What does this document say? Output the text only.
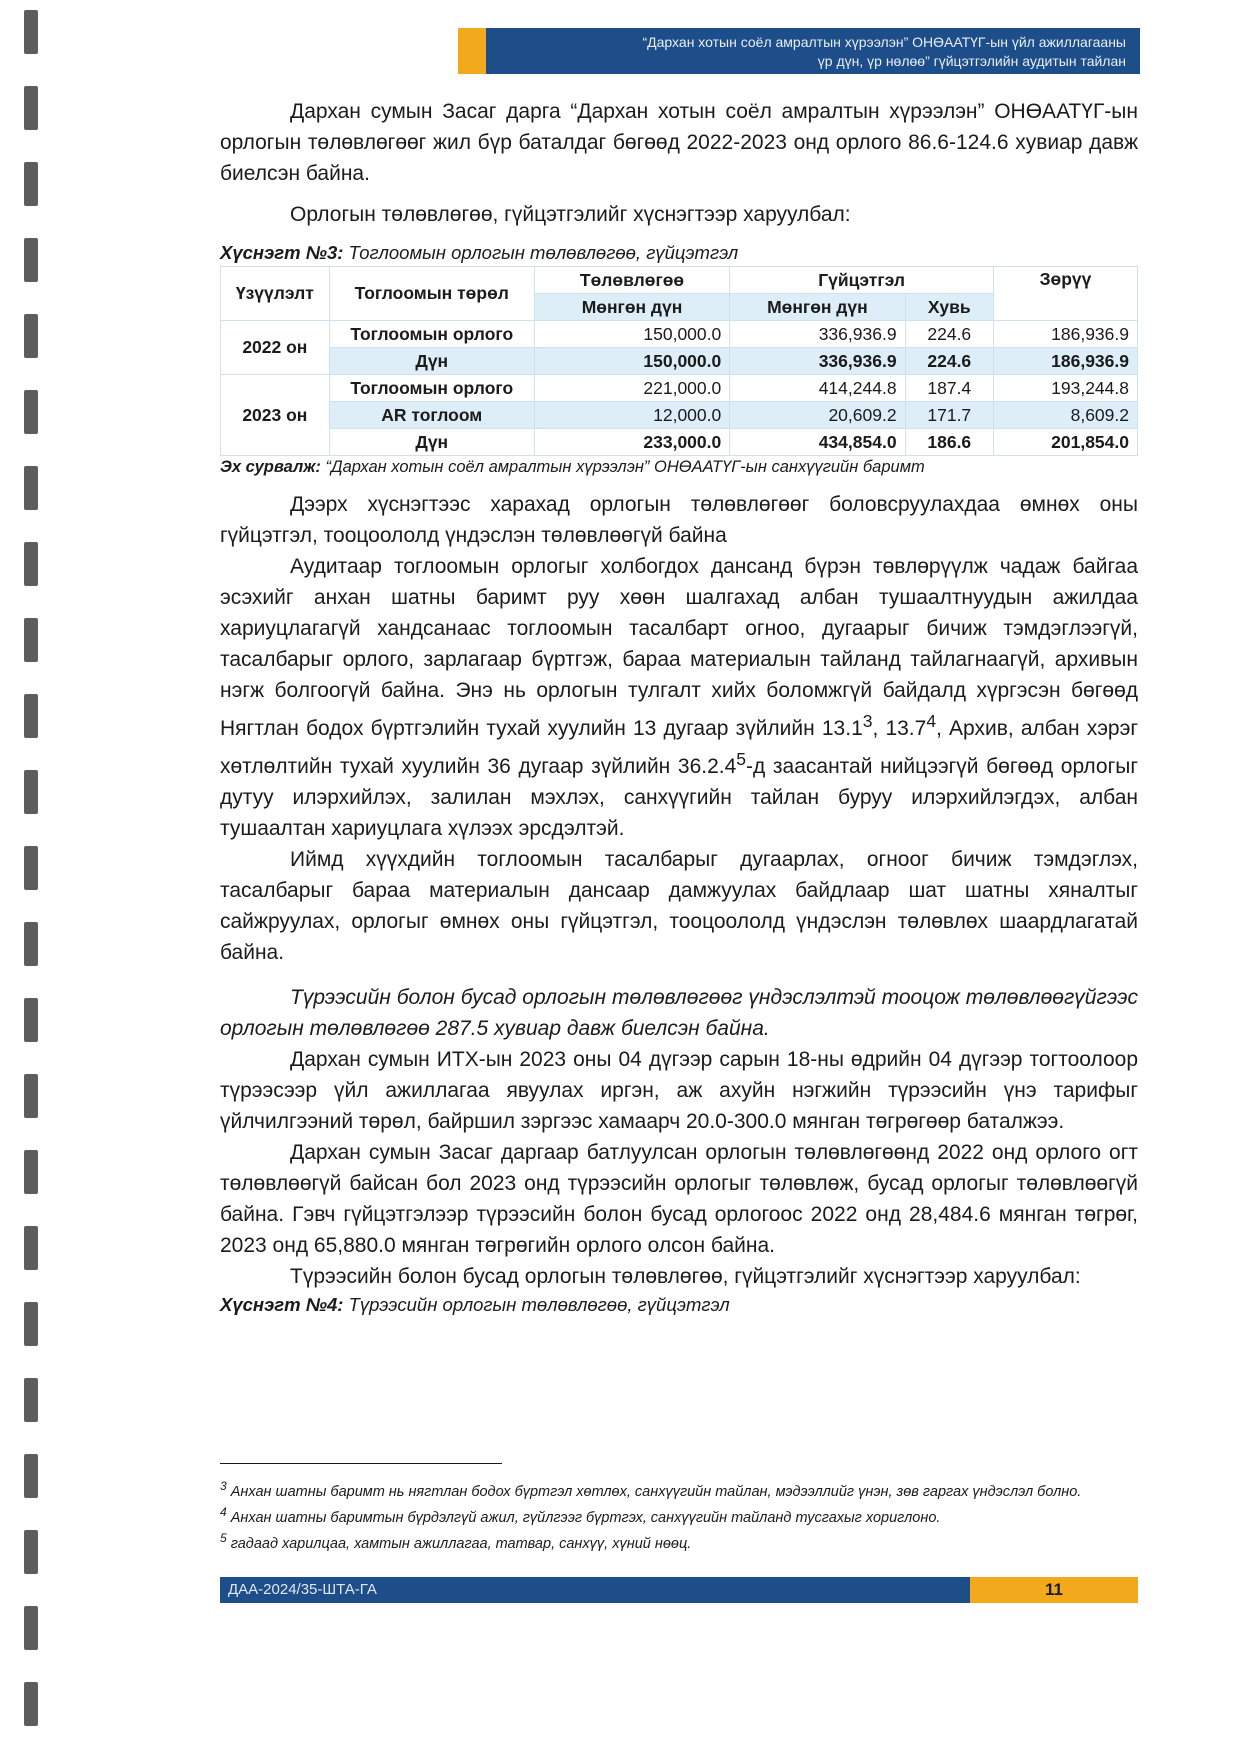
“Дархан хотын соёл амралтын хүрээлэн” ОНӨААТҮГ-ын үйл ажиллагааны
үр дүн, үр нөлөө” гүйцэтгэлийн аудитын тайлан

Дархан сумын Засаг дарга “Дархан хотын соёл амралтын хүрээлэн” ОНӨААТҮГ-ын орлогын төлөвлөгөөг жил бүр баталдаг бөгөөд 2022-2023 онд орлого 86.6-124.6 хувиар давж биелсэн байна.

Орлогын төлөвлөгөө, гүйцэтгэлийг хүснэгтээр харуулбал:

Хүснэгт №3: Тоглоомын орлогын төлөвлөгөө, гүйцэтгэл
Үзүүлэлт	Тоглоомын төрөл	Төлөвлөгөө	Гүйцэтгэл		Зөрүү
		Мөнгөн дүн	Мөнгөн дүн	Хувь	
2022 он	Тоглоомын орлого	150,000.0	336,936.9	224.6	186,936.9
	Дүн	150,000.0	336,936.9	224.6	186,936.9
2023 он	Тоглоомын орлого	221,000.0	414,244.8	187.4	193,244.8
	AR тоглоом	12,000.0	20,609.2	171.7	8,609.2
	Дүн	233,000.0	434,854.0	186.6	201,854.0
Эх сурвалж: “Дархан хотын соёл амралтын хүрээлэн” ОНӨААТҮГ-ын санхүүгийн баримт

Дээрх хүснэгтээс харахад орлогын төлөвлөгөөг боловсруулахдаа өмнөх оны гүйцэтгэл, тооцоололд үндэслэн төлөвлөөгүй байна

Аудитаар тоглоомын орлогыг холбогдох дансанд бүрэн төвлөрүүлж чадаж байгаа эсэхийг анхан шатны баримт руу хөөн шалгахад албан тушаалтнуудын ажилдаа хариуцлагагүй хандсанаас тоглоомын тасалбарт огноо, дугаарыг бичиж тэмдэглээгүй, тасалбарыг орлого, зарлагаар бүртгэж, бараа материалын тайланд тайлагнаагүй, архивын нэгж болгоогүй байна. Энэ нь орлогын тулгалт хийх боломжгүй байдалд хүргэсэн бөгөөд Нягтлан бодох бүртгэлийн тухай хуулийн 13 дугаар зүйлийн 13.1$^3$, 13.7$^4$, Архив, албан хэрэг хөтлөлтийн тухай хуулийн 36 дугаар зүйлийн 36.2.4$^5$-д заасантай нийцээгүй бөгөөд орлогыг дутуу илэрхийлэх, залилан мэхлэх, санхүүгийн тайлан буруу илэрхийлэгдэх, албан тушаалтан хариуцлага хүлээх эрсдэлтэй.

Иймд хүүхдийн тоглоомын тасалбарыг дугаарлах, огноог бичиж тэмдэглэх, тасалбарыг бараа материалын дансаар дамжуулах байдлаар шат шатны хяналтыг сайжруулах, орлогыг өмнөх оны гүйцэтгэл, тооцоололд үндэслэн төлөвлөх шаардлагатай байна.

Түрээсийн болон бусад орлогын төлөвлөгөөг үндэслэлтэй тооцож төлөвлөөгүйгээс орлогын төлөвлөгөө 287.5 хувиар давж биелсэн байна.

Дархан сумын ИТХ-ын 2023 оны 04 дүгээр сарын 18-ны өдрийн 04 дүгээр тогтоолоор түрээсээр үйл ажиллагаа явуулах иргэн, аж ахуйн нэгжийн түрээсийн үнэ тарифыг үйлчилгээний төрөл, байршил зэргээс хамаарч 20.0-300.0 мянган төгрөгөөр баталжээ.

Дархан сумын Засаг даргаар батлуулсан орлогын төлөвлөгөөнд 2022 онд орлого огт төлөвлөөгүй байсан бол 2023 онд түрээсийн орлогыг төлөвлөж, бусад орлогыг төлөвлөөгүй байна. Гэвч гүйцэтгэлээр түрээсийн болон бусад орлогоос 2022 онд 28,484.6 мянган төгрөг, 2023 онд 65,880.0 мянган төгрөгийн орлого олсон байна.

Түрээсийн болон бусад орлогын төлөвлөгөө, гүйцэтгэлийг хүснэгтээр харуулбал:

Хүснэгт №4: Түрээсийн орлогын төлөвлөгөө, гүйцэтгэл

$^3$ Анхан шатны баримт нь нягтлан бодох бүртгэл хөтлөх, санхүүгийн тайлан, мэдээллийг үнэн, зөв гаргах үндэслэл болно.

$^4$ Анхан шатны баримтын бүрдэлгүй ажил, гүйлгээг бүртгэх, санхүүгийн тайланд тусгахыг хориглоно.

$^5$ гадаад харилцаа, хамтын ажиллагаа, татвар, санхүү, хүний нөөц.

ДАА-2024/35-ШТА-ГА	11
